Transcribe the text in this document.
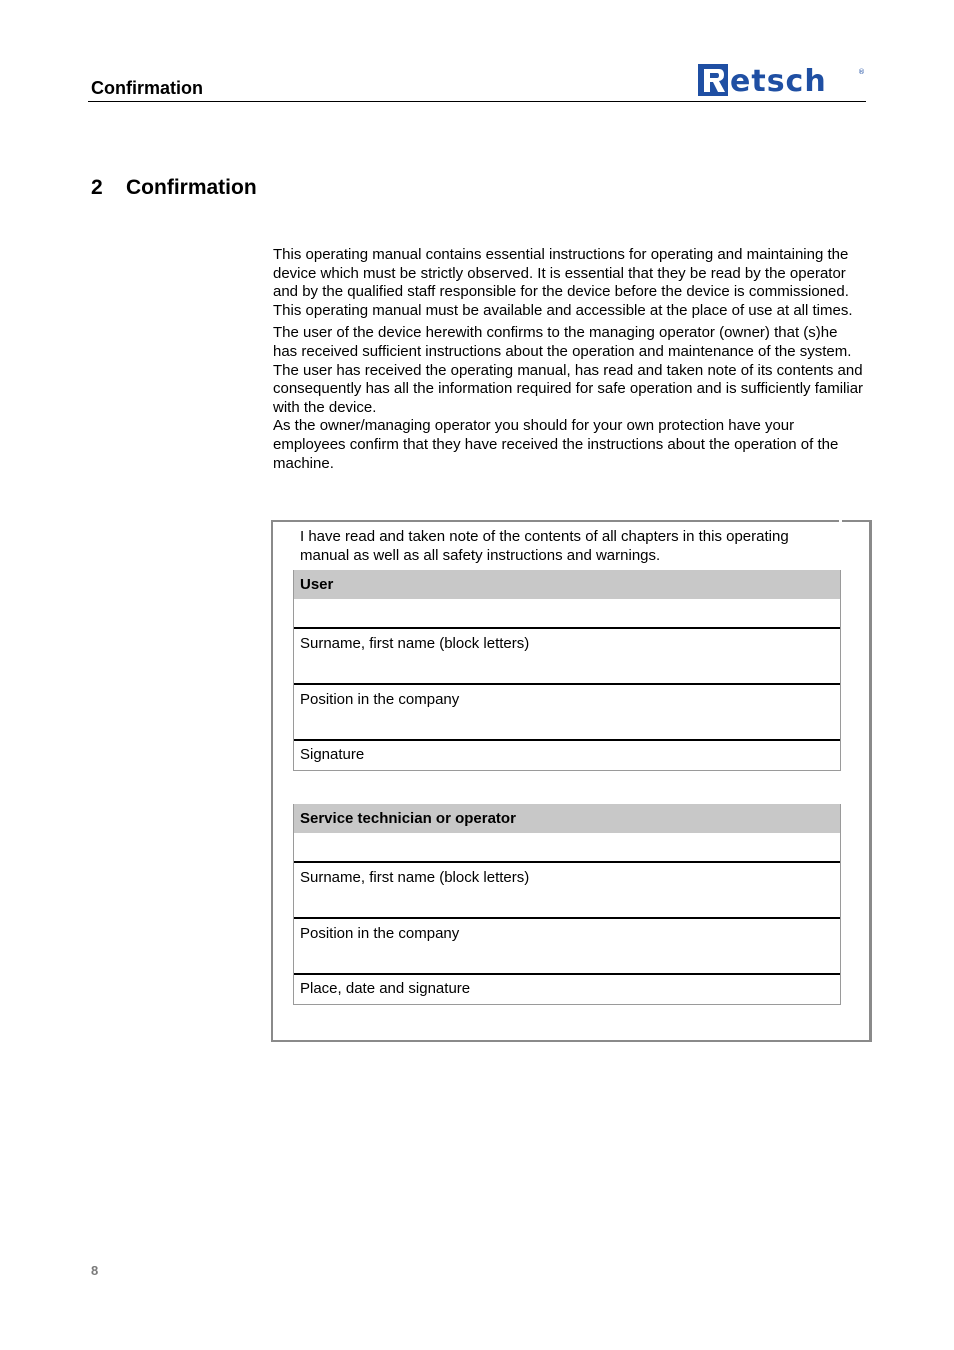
Confirmation	etsch	®
2 Confirmation

This operating manual contains essential instructions for operating and maintaining the device which must be strictly observed. It is essential that they be read by the operator and by the qualified staff responsible for the device before the device is commissioned. This operating manual must be available and accessible at the place of use at all times.

The user of the device herewith confirms to the managing operator (owner) that (s)he has received sufficient instructions about the operation and maintenance of the system. The user has received the operating manual, has read and taken note of its contents and consequently has all the information required for safe operation and is sufficiently familiar with the device.
As the owner/managing operator you should for your own protection have your employees confirm that they have received the instructions about the operation of the machine.

I have read and taken note of the contents of all chapters in this operating manual as well as all safety instructions and warnings.
User
Surname, first name (block letters)
Position in the company
Signature
Service technician or operator
Surname, first name (block letters)
Position in the company
Place, date and signature
8
